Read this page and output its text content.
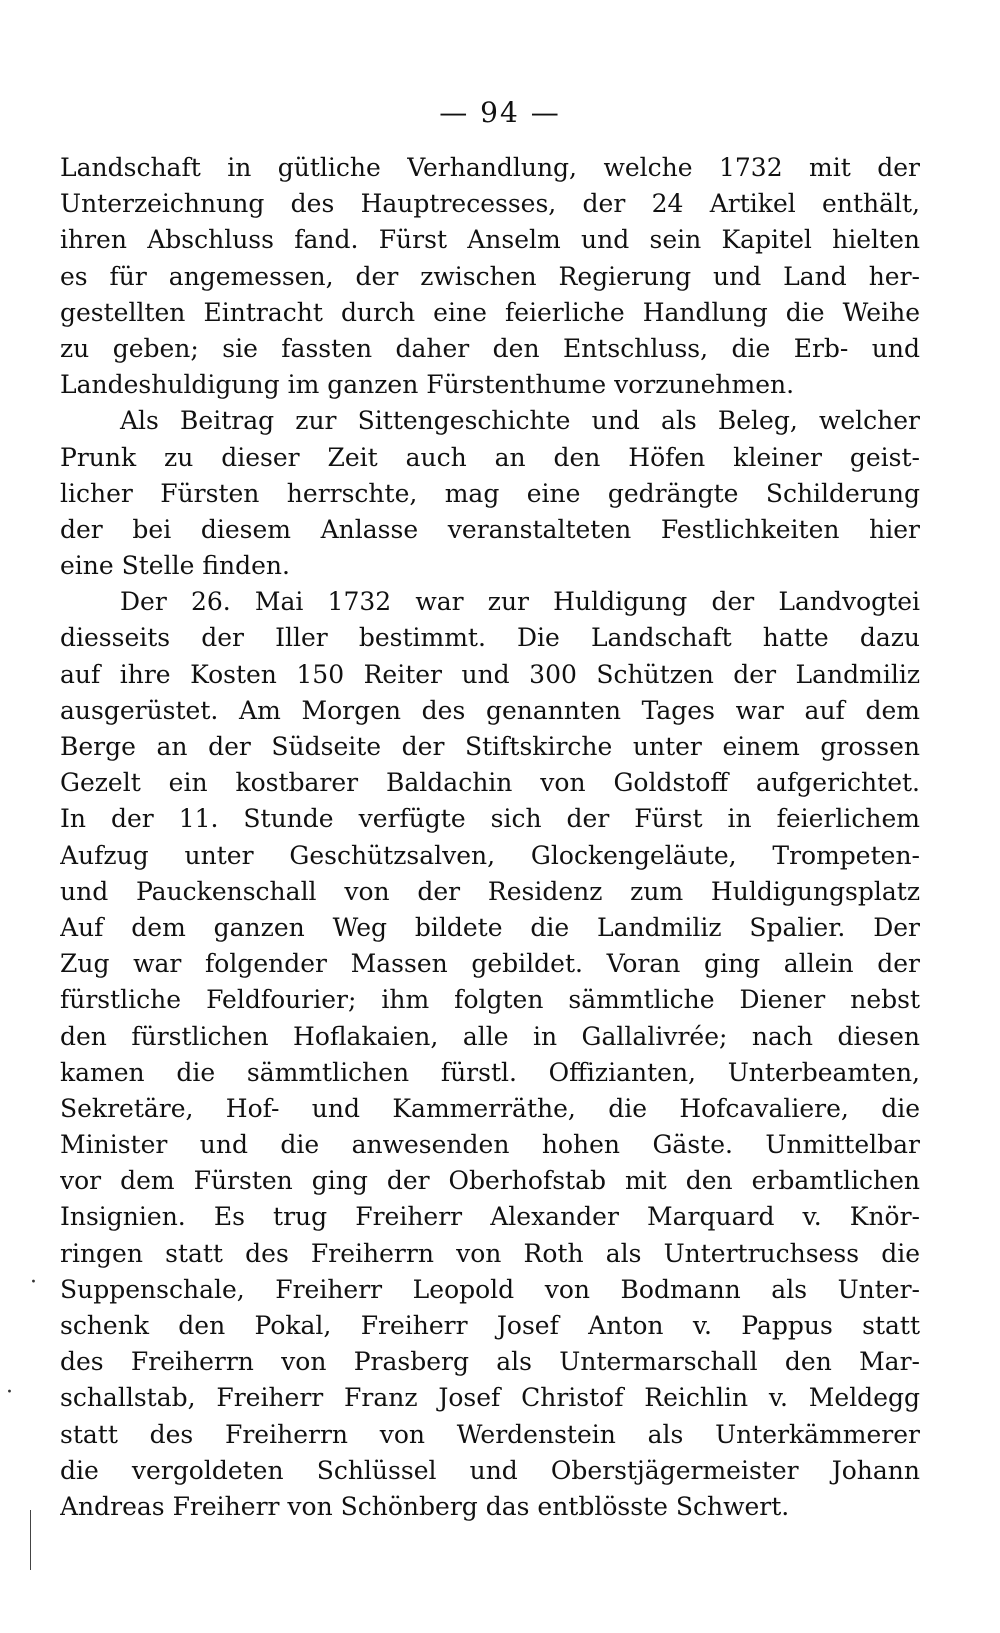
— 94 —
Landschaft in gütliche Verhandlung, welche 1732 mit der
Unterzeichnung des Hauptrecesses, der 24 Artikel enthält,
ihren Abschluss fand. Fürst Anselm und sein Kapitel hielten
es für angemessen, der zwischen Regierung und Land her-
gestellten Eintracht durch eine feierliche Handlung die Weihe
zu geben; sie fassten daher den Entschluss, die Erb- und
Landeshuldigung im ganzen Fürstenthume vorzunehmen.
Als Beitrag zur Sittengeschichte und als Beleg, welcher
Prunk zu dieser Zeit auch an den Höfen kleiner geist-
licher Fürsten herrschte, mag eine gedrängte Schilderung
der bei diesem Anlasse veranstalteten Festlichkeiten hier
eine Stelle finden.
Der 26. Mai 1732 war zur Huldigung der Landvogtei
diesseits der Iller bestimmt. Die Landschaft hatte dazu
auf ihre Kosten 150 Reiter und 300 Schützen der Landmiliz
ausgerüstet. Am Morgen des genannten Tages war auf dem
Berge an der Südseite der Stiftskirche unter einem grossen
Gezelt ein kostbarer Baldachin von Goldstoff aufgerichtet.
In der 11. Stunde verfügte sich der Fürst in feierlichem
Aufzug unter Geschützsalven, Glockengeläute, Trompeten-
und Pauckenschall von der Residenz zum Huldigungsplatz
Auf dem ganzen Weg bildete die Landmiliz Spalier. Der
Zug war folgender Massen gebildet. Voran ging allein der
fürstliche Feldfourier; ihm folgten sämmtliche Diener nebst
den fürstlichen Hoflakaien, alle in Gallalivrée; nach diesen
kamen die sämmtlichen fürstl. Offizianten, Unterbeamten,
Sekretäre, Hof- und Kammerräthe, die Hofcavaliere, die
Minister und die anwesenden hohen Gäste. Unmittelbar
vor dem Fürsten ging der Oberhofstab mit den erbamtlichen
Insignien. Es trug Freiherr Alexander Marquard v. Knör-
ringen statt des Freiherrn von Roth als Untertruchsess die
Suppenschale, Freiherr Leopold von Bodmann als Unter-
schenk den Pokal, Freiherr Josef Anton v. Pappus statt
des Freiherrn von Prasberg als Untermarschall den Mar-
schallstab, Freiherr Franz Josef Christof Reichlin v. Meldegg
statt des Freiherrn von Werdenstein als Unterkämmerer
die vergoldeten Schlüssel und Oberstjägermeister Johann
Andreas Freiherr von Schönberg das entblösste Schwert.
·
·
